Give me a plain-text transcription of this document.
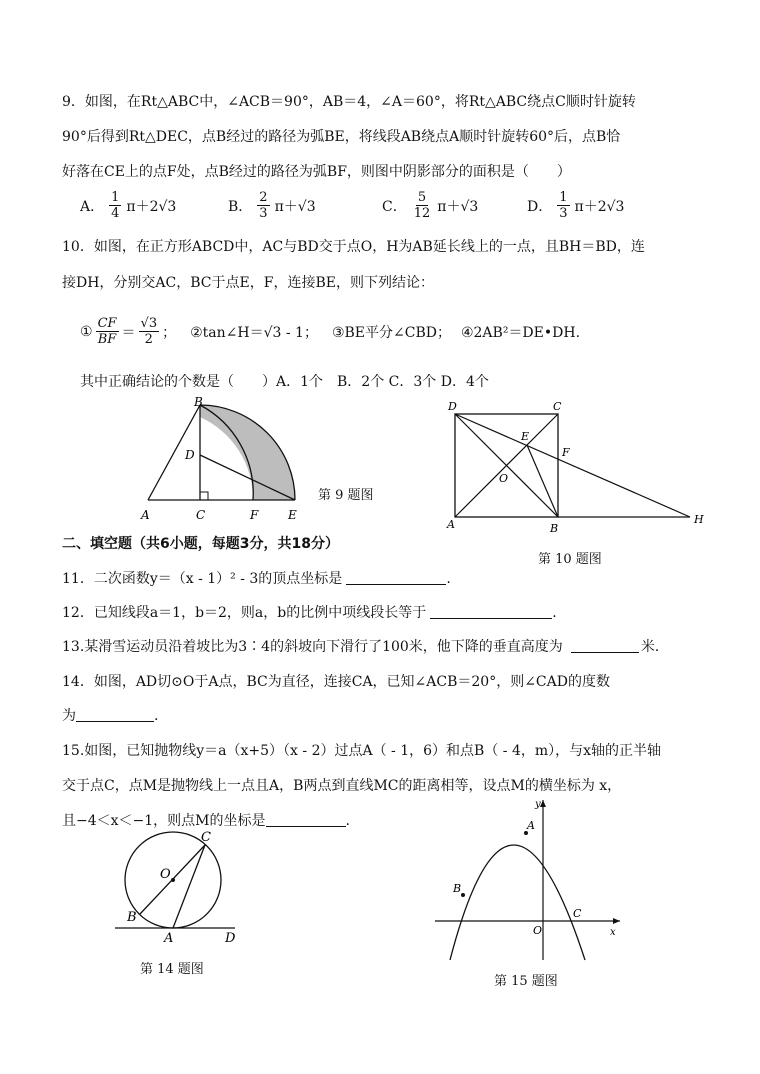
9．如图，在Rt△ABC中，∠ACB＝90°，AB＝4，∠A＝60°，将Rt△ABC绕点C顺时针旋转
90°后得到Rt△DEC，点B经过的路径为弧BE，将线段AB绕点A顺时针旋转60°后，点B恰
好落在CE上的点F处，点B经过的路径为弧BF，则图中阴影部分的面积是（　　）
A． $\frac{1}{4} \pi+2√3$	B． $\frac{2}{3} \pi+√3$	C． $\frac{5}{12} \pi+√3$	D． $\frac{1}{3} \pi+2√3$
10．如图，在正方形ABCD中，AC与BD交于点O，H为AB延长线上的一点，且BH＝BD，连
接DH，分别交AC，BC于点E，F，连接BE，则下列结论：
① $\frac{CF}{BF} = \frac{√3}{2}$ ； ②tan∠H＝√3 - 1； ③BE平分∠CBD； ④2AB²＝DE•DH.
其中正确结论的个数是（　　）A．1个　B．2个 C．3个 D．4个
A
B
C
D
E
F
第 9 题图
D	C
A	B
E
F
O
H
第 10 题图
二、填空题（共6小题，每题3分，共18分）
11．二次函数y＝（x - 1）² - 3的顶点坐标是	.
12．已知线段a＝1，b＝2，则a，b的比例中项线段长等于	.
13.某滑雪运动员沿着坡比为3∶4的斜坡向下滑行了100米，他下降的垂直高度为	米.
14．如图，AD切⊙O于A点，BC为直径，连接CA，已知∠ACB＝20°，则∠CAD的度数
为	.
15.如图，已知抛物线y＝a（x+5）（x - 2）过点A（ - 1，6）和点B（ - 4，m），与x轴的正半轴
交于点C，点M是抛物线上一点且A，B两点到直线MC的距离相等，设点M的横坐标为 x，
且−4＜x＜−1，则点M的坐标是	.
O
C
B
A	D
第 14 题图
y
x
O
A
B
C
第 15 题图
